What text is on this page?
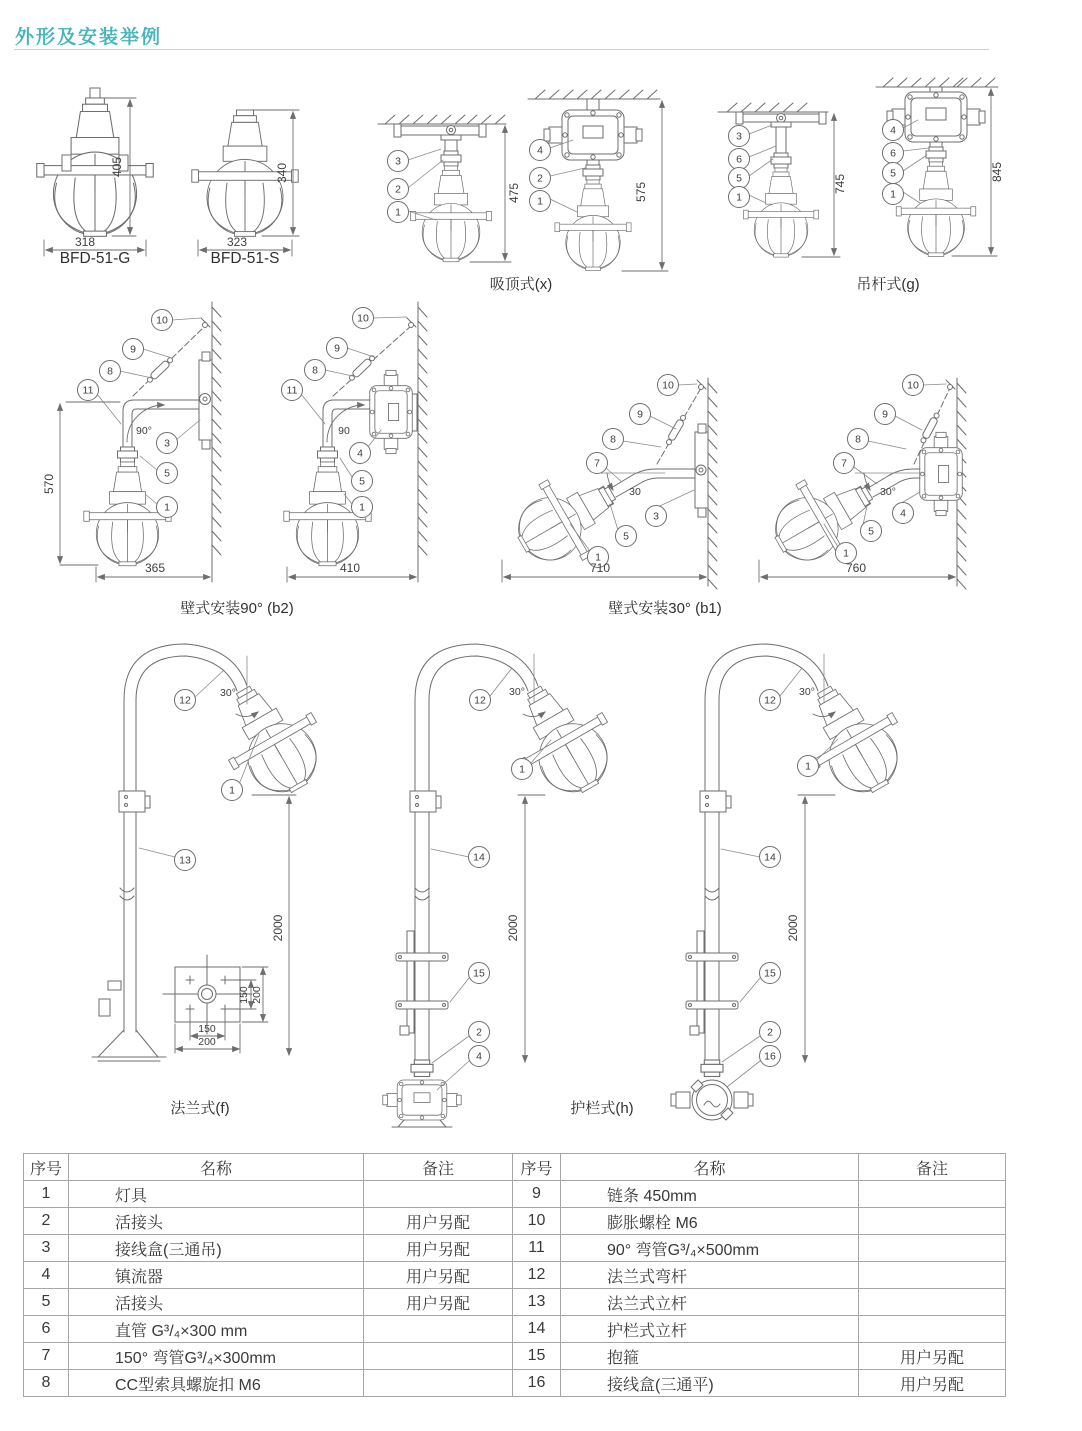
405
318
BFD-51-G
340
323
BFD-51-S
3
2
1
475
4
2
1	575
吸顶式(x)
3
6
5
1
745
4
6
5
1
845
吊杆式(g)
90°
10
9
8
11
3
5
1
570
365
90
10
9
8
11
4
5
1
410
壁式安装90° (b2)
30
10
9
8
7
3
5
1
710
30°
10
9
8
7
4
5
1
760
壁式安装30° (b1)
30°
12
1
13
2000
150 200
150
200
法兰式(f)
30°
12
1
14
15
2
4
2000
30°
12
1
14
15
2
16
2000
护栏式(h)
外形及安装举例
序号	名称	备注
1	灯具	
2	活接头	用户另配
3	接线盒(三通吊)	用户另配
4	镇流器	用户另配
5	活接头	用户另配
6	直管 G³/₄×300 mm	
7	150° 弯管G³/₄×300mm	
8	CC型索具螺旋扣 M6	
序号	名称	备注
9	链条 450mm	
10	膨胀螺栓 M6	
11	90° 弯管G³/₄×500mm	
12	法兰式弯杆	
13	法兰式立杆	
14	护栏式立杆	
15	抱箍	用户另配
16	接线盒(三通平)	用户另配
